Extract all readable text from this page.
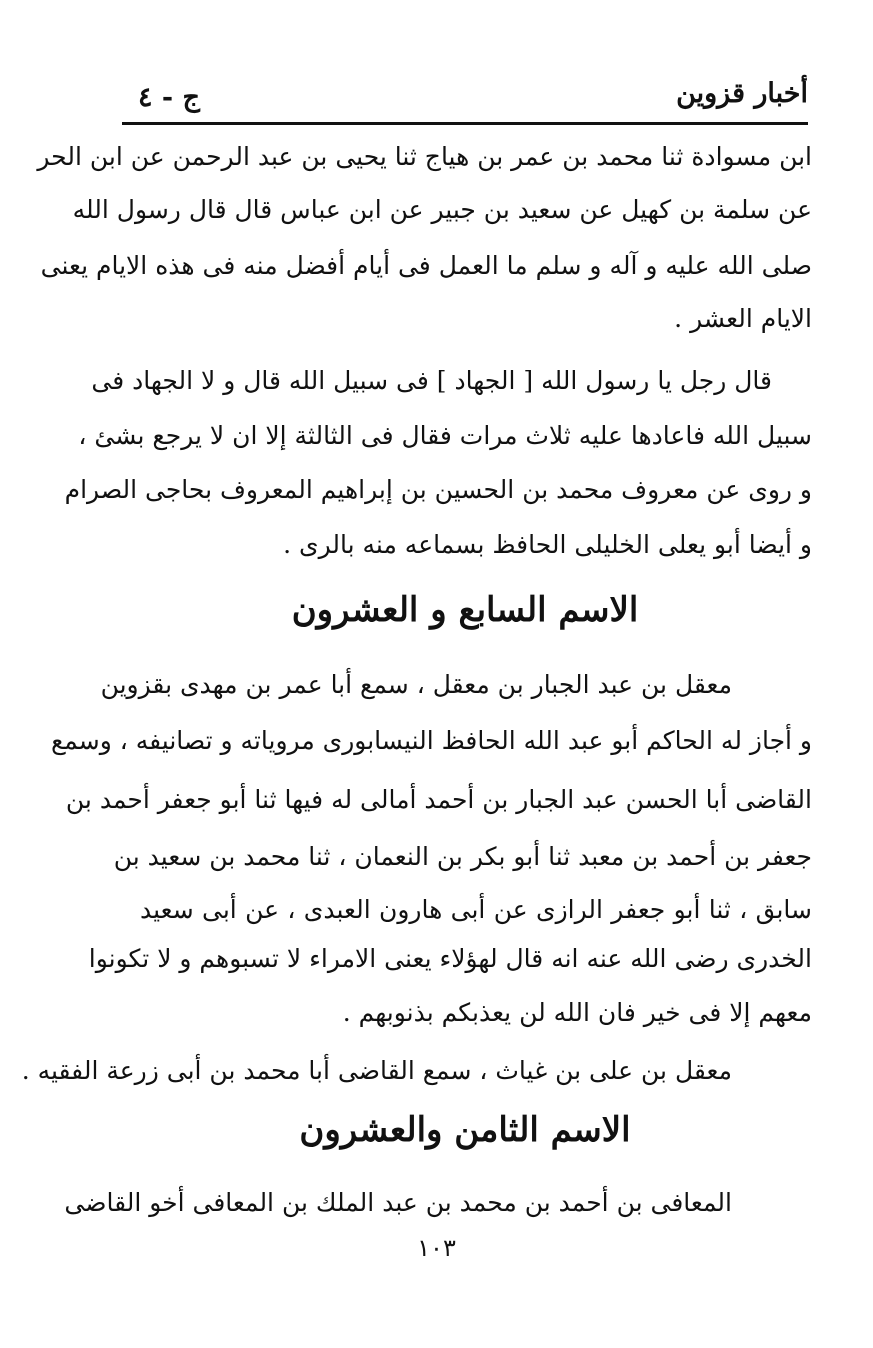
أخبار قزوين
ج - ٤
ابن مسوادة ثنا محمد بن عمر بن هياج ثنا يحيى بن عبد الرحمن عن ابن الحر
عن سلمة بن كهيل عن سعيد بن جبير عن ابن عباس قال قال رسول الله
صلى الله عليه و آله و سلم ما العمل فى أيام أفضل منه فى هذه الايام يعنى
الايام العشر .
قال رجل يا رسول الله [ الجهاد ] فى سبيل الله قال و لا الجهاد فى
سبيل الله فاعادها عليه ثلاث مرات فقال فى الثالثة إلا ان لا يرجع بشئ ،
و روى عن معروف محمد بن الحسين بن إبراهيم المعروف بحاجى الصرام
و أيضا أبو يعلى الخليلى الحافظ بسماعه منه بالرى .
الاسم السابع و العشرون
معقل بن عبد الجبار بن معقل ، سمع أبا عمر بن مهدى بقزوين
و أجاز له الحاكم أبو عبد الله الحافظ النيسابورى مروياته و تصانيفه ، وسمع
القاضى أبا الحسن عبد الجبار بن أحمد أمالى له فيها ثنا أبو جعفر أحمد بن
جعفر بن أحمد بن معبد ثنا أبو بكر بن النعمان ، ثنا محمد بن سعيد بن
سابق ، ثنا أبو جعفر الرازى عن أبى هارون العبدى ، عن أبى سعيد
الخدرى رضى الله عنه انه قال لهؤلاء يعنى الامراء لا تسبوهم و لا تكونوا
معهم إلا فى خير فان الله لن يعذبكم بذنوبهم .
معقل بن على بن غياث ، سمع القاضى أبا محمد بن أبى زرعة الفقيه .
الاسم الثامن والعشرون
المعافى بن أحمد بن محمد بن عبد الملك بن المعافى أخو القاضى
١٠٣
